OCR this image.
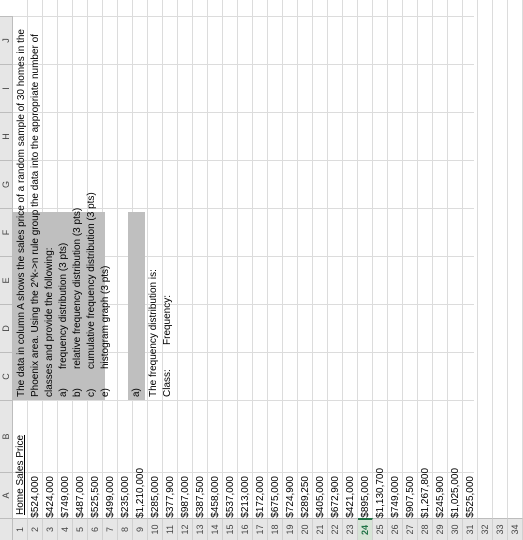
A
B
C
D
E
F
G
H
I
J
1 2 3 4 5 6 7 8 9 10 11 12 13 14 15 16 17 18 19 20 21 22 23 24 25 26 27 28 29 30 31 32 33 34
Home Sales Price $524,000 $424,000 $749,000 $487,000 $525,500 $499,000 $235,000 $1,210,000 $285,000 $377,900 $987,000 $387,500 $458,000 $537,000 $213,000 $172,000 $675,000 $724,900 $289,250 $405,000 $672,900 $421,000 $895,000 $1,130,700 $749,000 $907,500 $1,267,800 $245,900 $1,025,000 $525,000
The data in column A shows the sales price of a random sample of 30 homes in the Phoenix area. Using the 2^k->n rule group the data into the appropriate number of classes and provide the following: a)
frequency distribution (3 pts)
b)
relative frequency distribution (3 pts)
c)
cumulative frequency distribution (3 pts)
e)
histogram graph (3 pts)
a) The frequency distribution is: Class:
Frequency:
